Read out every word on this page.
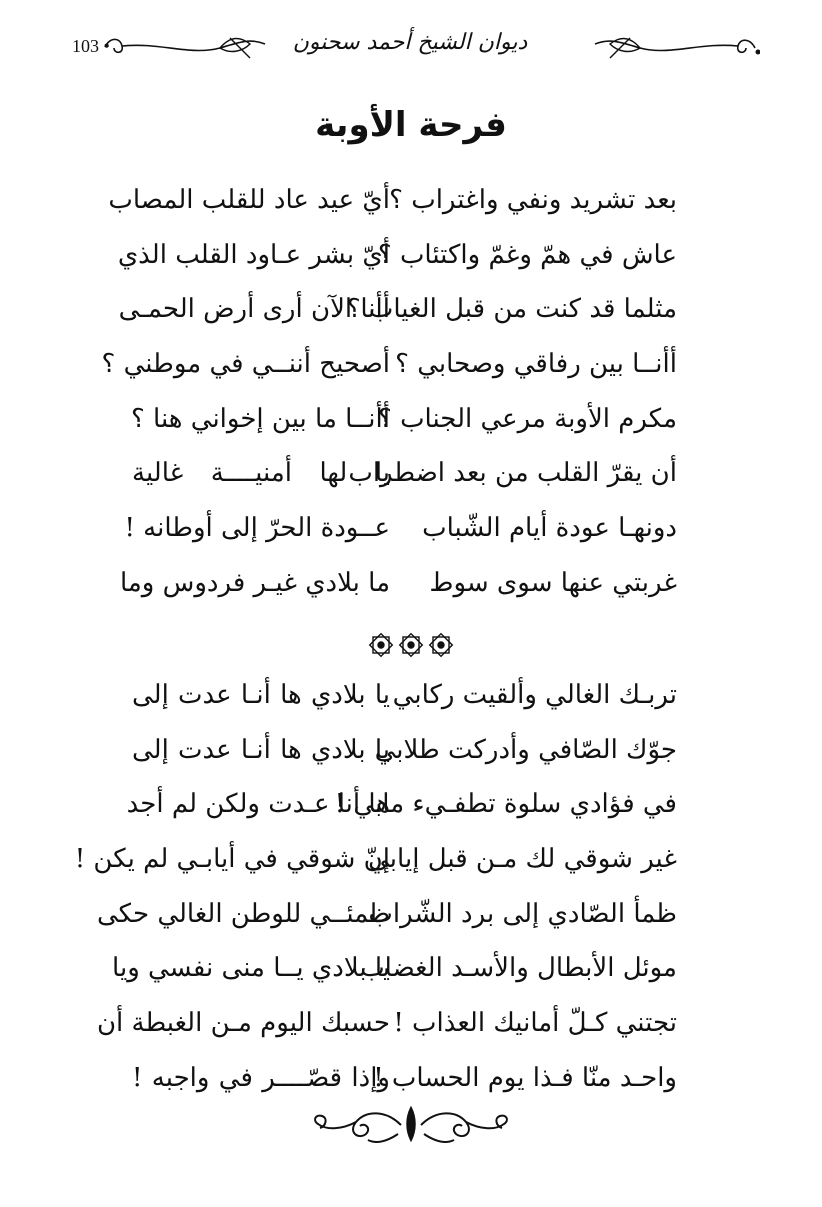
103 •	ديوان الشيخ أحمد سحنون
فرحة الأوبة
أيّ عيد عاد للقلب المصاب بعد تشريد ونفي واغتراب ؟
أيّ بشر عـاود القلب الذي
عاش في همّ وغمّ واكتئاب ؟
أأنا الآن أرى أرض الحمـى
مثلما قد كنت من قبل الغياب ؟
أصحيح أننــي في موطني ؟ أأنــا بين رفاقي وصحابي ؟
أأنــا ما بين إخواني هنا ؟
مكرم الأوبة مرعي الجناب ؟
يا لها أمنيــــة غالية
أن يقرّ القلب من بعد اضطراب
عــودة الحرّ إلى أوطانه ! دونهـا عودة أيام الشّباب
ما بلادي غيـر فردوس وما غربتي عنها سوى سوط
يا بلادي ها أنـا عدت إلى تربـك الغالي وألقيت ركابي
يا بلادي ها أنـا عدت إلى
جوّك الصّافي وأدركت طلابي
ها أنا عـدت ولكن لم أجد
في فؤادي سلوة تطفـيء مابي !
إنّ شوقي في أيابـي لم يكن !
غير شوقي لك مـن قبل إيابي
ظمئــي للوطن الغالي حكى
ظمأ الصّادي إلى برد الشّراب
يا بلادي يــا منى نفسي ويا
موئل الأبطال والأسـد الغضاب
حسبك اليوم مـن الغبطة أن تجتني كـلّ أمانيك العذاب !
وإذا قصّــــر في واجبه !
واحـد منّا فـذا يوم الحساب !
